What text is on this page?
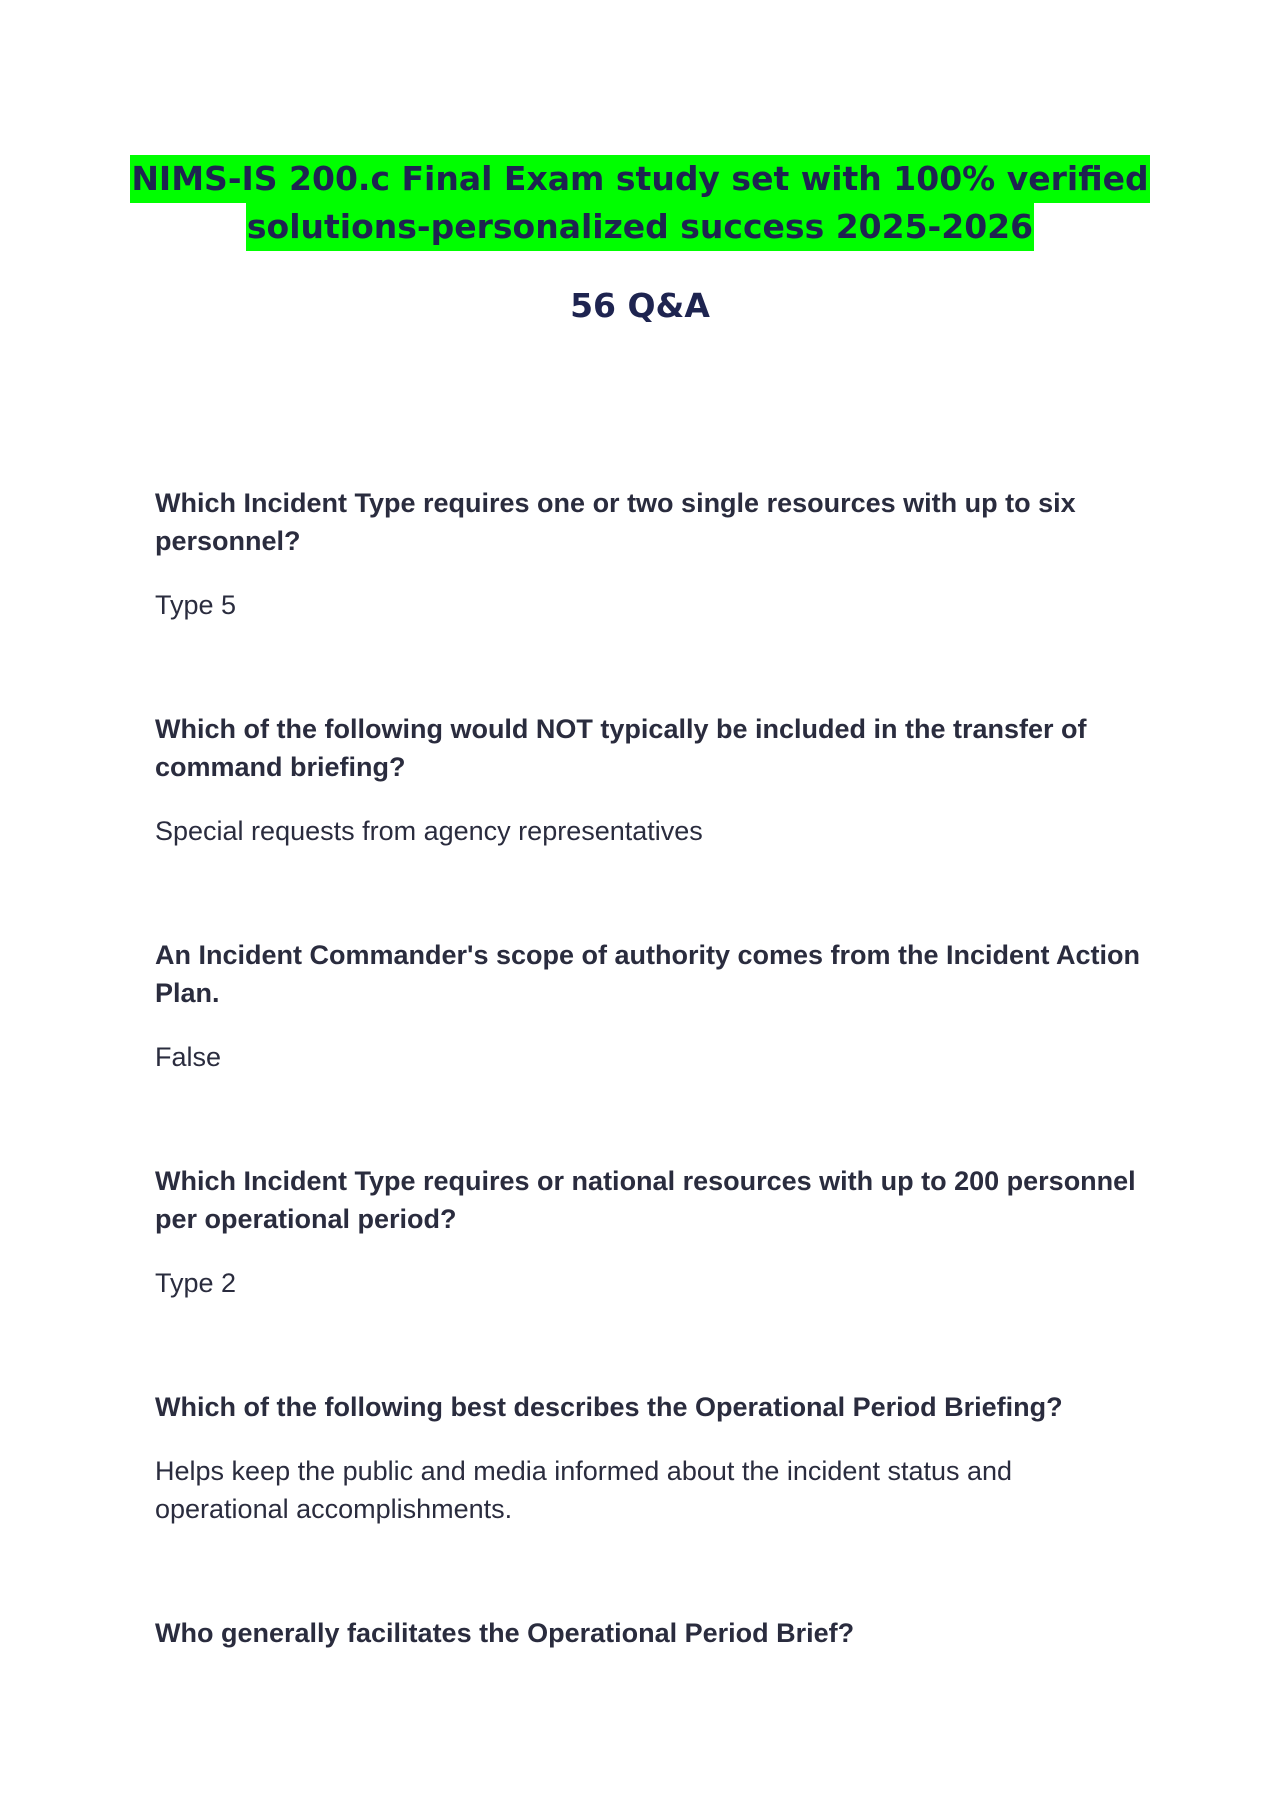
NIMS-IS 200.c Final Exam study set with 100% verified
solutions-personalized success 2025-2026
56 Q&A

Which Incident Type requires one or two single resources with up to six personnel?

Type 5

Which of the following would NOT typically be included in the transfer of command briefing?

Special requests from agency representatives

An Incident Commander's scope of authority comes from the Incident Action Plan.

False

Which Incident Type requires or national resources with up to 200 personnel per operational period?

Type 2

Which of the following best describes the Operational Period Briefing?

Helps keep the public and media informed about the incident status and operational accomplishments.

Who generally facilitates the Operational Period Brief?
